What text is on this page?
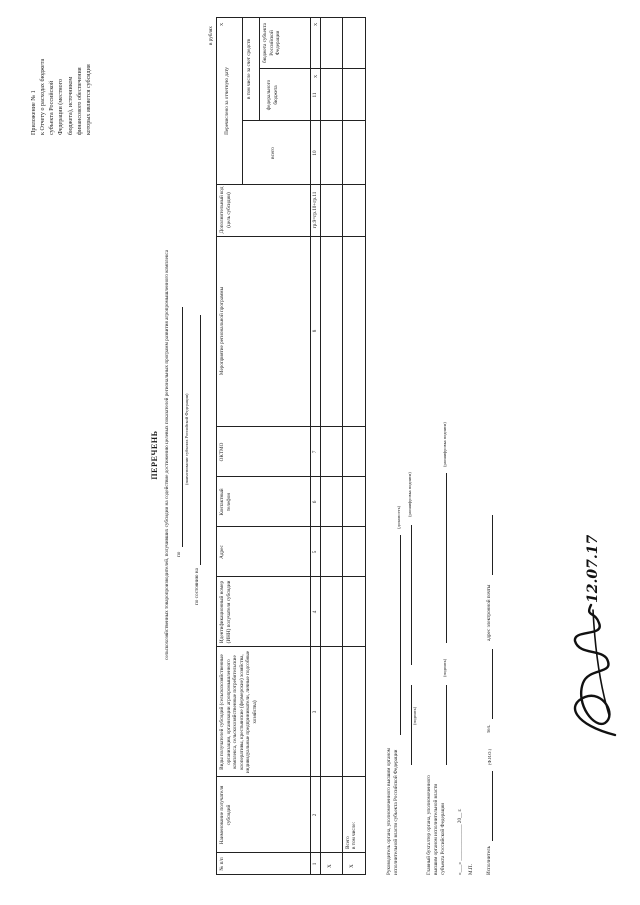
Приложение № 1 к Отчету о расходах бюджета субъекта Российской Федерации (местного бюджета), источником финансового обеспечения которых является субсидия
ПЕРЕЧЕНЬ сельскохозяйственных товаропроизводителей, получивших субсидии на содействие достижению целевых показателей региональных программ развития агропромышленного комплекса по
(наименование субъекта Российской Федерации)
по состоянию на
в рублях
№ п/п
Наименование получателя субсидий
Виды получателей субсидий (сельскохозяйственные организации, организации агропромышленного комплекса, сельскохозяйственные потребительские кооперативы, крестьянские (фермерские) хозяйства, индивидуальные предприниматели, личные подсобные хозяйства)
Идентификационный номер (ИНН) получателя субсидии
Адрес
Контактный телефон
ОКТМО
Мероприятие региональной программы
Дополнительный код (цель субсидии)
Перечислено за отчетную дату
всего
в том числе за счет средств	федерального бюджета
бюджета субъекта Российской Федерации
1
2
3
4
5
6
7
8
гр.9=гр.10+гр.11
10
11
X	X
Всего в том числе:
X
X
X
Руководитель органа, уполномоченного высшим органом исполнительной власти субъекта Российской Федерации
(должность)
(подпись)
(расшифровка подписи)
Главный бухгалтер органа, уполномоченного высшим органом исполнительной власти субъекта Российской Федерации
(подпись)
(расшифровка подписи)
«___» ______________ 20__ г. М.П. Исполнитель
(Ф.И.О.)
тел.
адрес электронной почты
12.07.17
